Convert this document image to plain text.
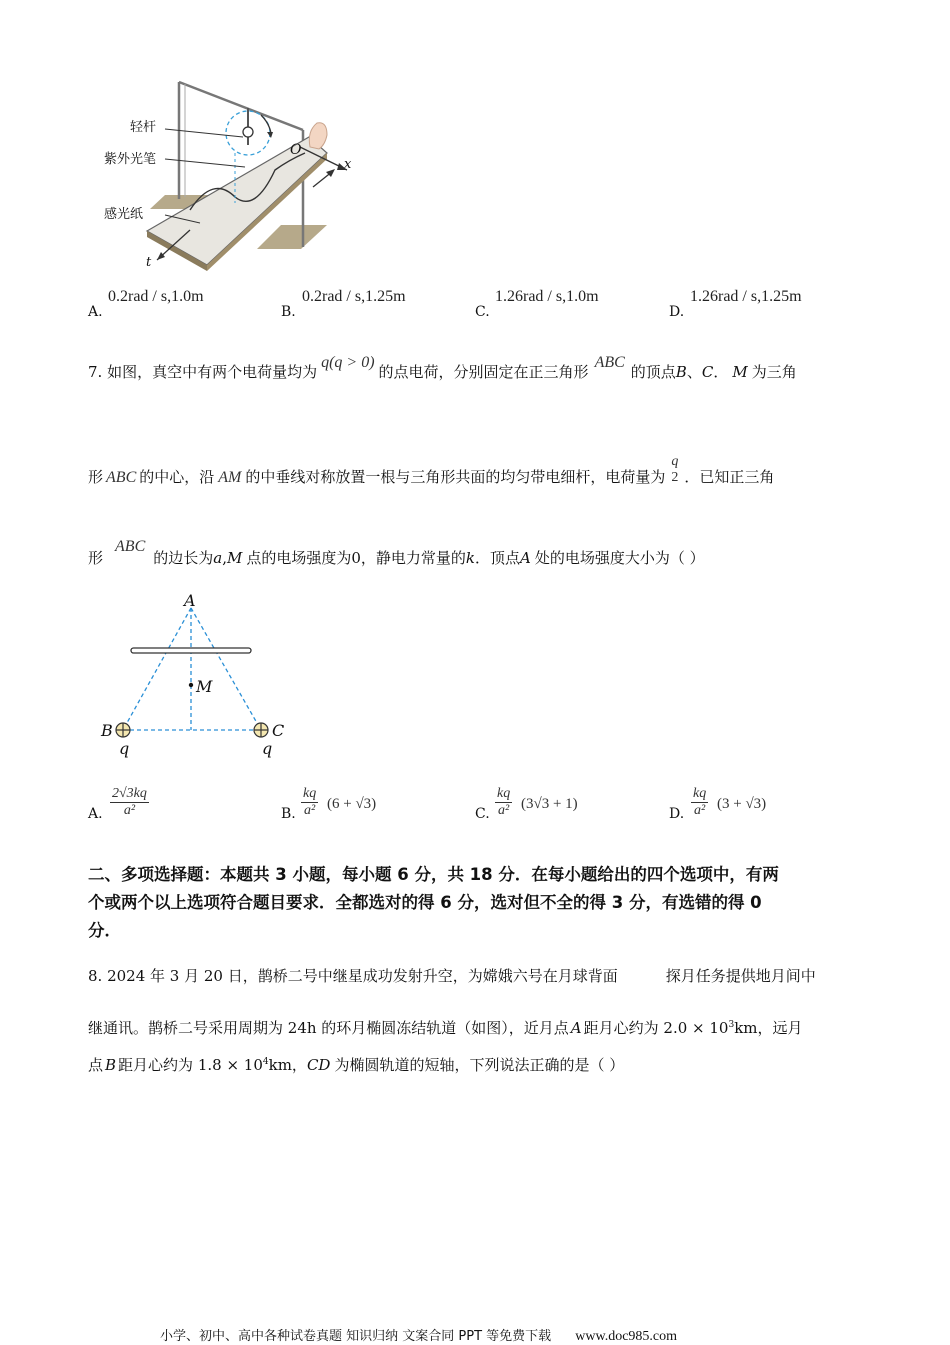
轻杆
紫外光笔
感光纸
O
x
t
0.2rad / s,1.0m
A.
0.2rad / s,1.25m
B.
1.26rad / s,1.0m
C.
1.26rad / s,1.25m
D.
7. 如图，真空中有两个电荷量均为q(q > 0)的点电荷，分别固定在正三角形ABC的顶点B、C． M 为三角
形 ABC 的中心，沿 AM 的中垂线对称放置一根与三角形共面的均匀带电细杆，电荷量为
q
2 ．已知正三角
形ABC的边长为a,M 点的电场强度为0，静电力常量的k．顶点A 处的电场强度大小为（ ）
A
M
B	C
q	q
A. $\frac{2√3kq}{\text{a²}}$	B. $\frac{kq}{\text{a²}} (6 + √3)$
C. $\frac{kq}{\text{a²}} (3√3 + 1)$
D. $\frac{kq}{\text{a²}} (3 + √3)$
二、多项选择题：本题共 3 小题，每小题 6 分，共 18 分．在每小题给出的四个选项中，有两
个或两个以上选项符合题目要求．全都选对的得 6 分，选对但不全的得 3 分，有选错的得 0
分．
8. 2024 年 3 月 20 日，鹊桥二号中继星成功发射升空，为嫦娥六号在月球背面	探月任务提供地月间中
继通讯。鹊桥二号采用周期为 24h 的环月椭圆冻结轨道（如图），近月点 A 距月心约为 $2.0 \times 10^3km$，远月
点 B 距月心约为 $1.8 \times 10^4km$，CD 为椭圆轨道的短轴，下列说法正确的是（ ）
小学、初中、高中各种试卷真题 知识归纳 文案合同 PPT 等免费下载 www.doc985.com
